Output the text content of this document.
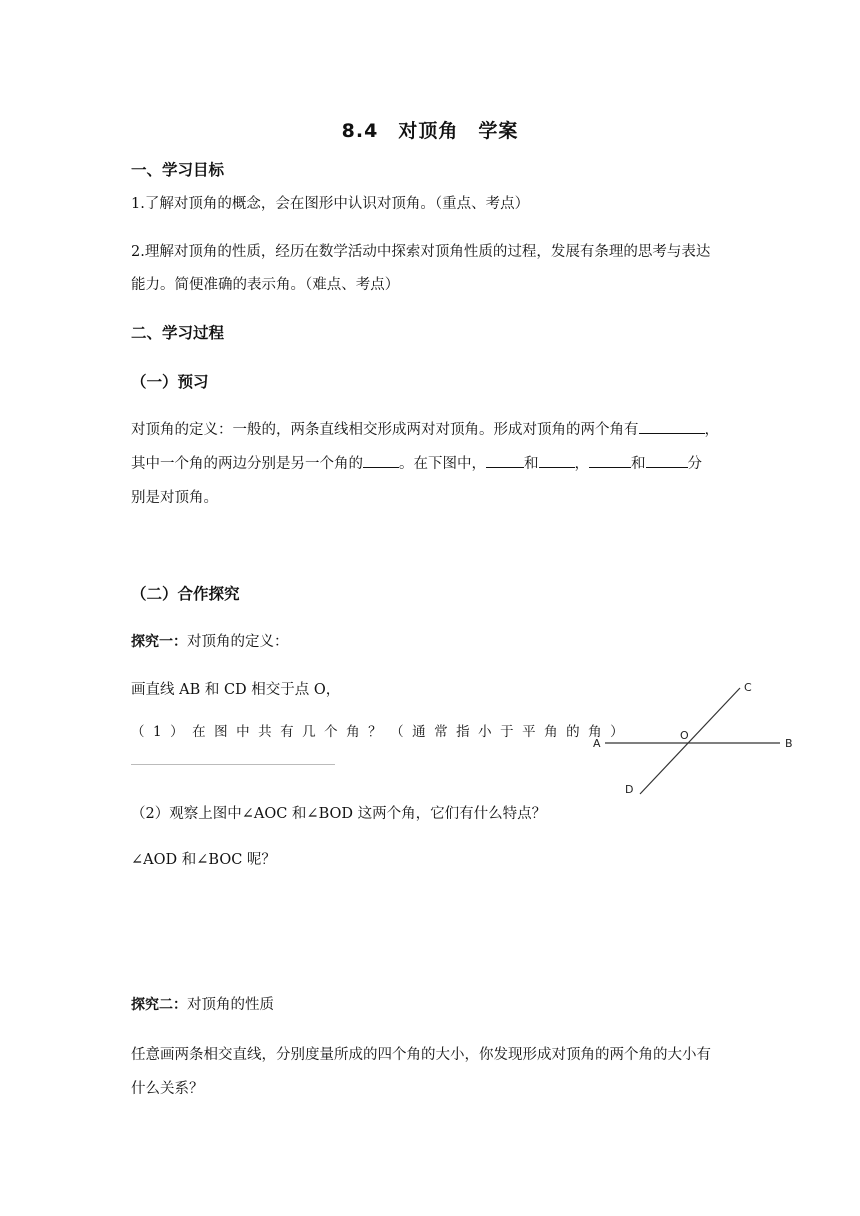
8.4　对顶角　学案
一、学习目标
1.了解对顶角的概念，会在图形中认识对顶角。（重点、考点）
2.理解对顶角的性质，经历在数学活动中探索对顶角性质的过程，发展有条理的思考与表达
能力。简便准确的表示角。（难点、考点）
二、学习过程
（一）预习
对顶角的定义：一般的，两条直线相交形成两对对顶角。形成对顶角的两个角有	，
其中一个角的两边分别是另一个角的 。在下图中，	和 ，	和	分
别是对顶角。
（二）合作探究
探究一：对顶角的定义：
画直线 AB 和 CD 相交于点 O，
（1）在图中共有几个角？（通常指小于平角的角）
（2）观察上图中∠AOC 和∠BOD 这两个角，它们有什么特点？
∠AOD 和∠BOC 呢？
探究二：对顶角的性质
任意画两条相交直线，分别度量所成的四个角的大小，你发现形成对顶角的两个角的大小有
什么关系？
A	B
C
D
O
